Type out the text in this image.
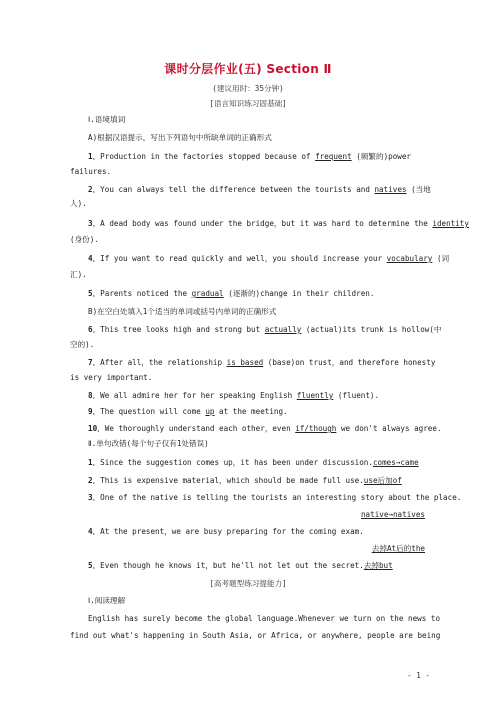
课时分层作业(五) Section Ⅱ
(建议用时：35分钟)
[语言知识练习固基础]
Ⅰ.语境填词
A)根据汉语提示，写出下列语句中所缺单词的正确形式
1．Production in the factories stopped because of frequent (频繁的)power
failures.
2．You can always tell the difference between the tourists and natives (当地
人).
3．A dead body was found under the bridge，but it was hard to determine the identity
(身份).
4．If you want to read quickly and well，you should increase your vocabulary (词
汇).
5．Parents noticed the gradual (逐渐的)change in their children.
B)在空白处填入1个适当的单词或括号内单词的正确形式
6．This tree looks high and strong but actually (actual)its trunk is hollow(中
空的).
7．After all，the relationship is based (base)on trust，and therefore honesty
is very important.
8．We all admire her for her speaking English fluently (fluent).
9．The question will come up at the meeting.
10．We thoroughly understand each other，even if/though we don't always agree.
Ⅱ.单句改错(每个句子仅有1处错误)
1．Since the suggestion comes up，it has been under discussion.comes→came
2．This is expensive material，which should be made full use.use后加of
3．One of the native is telling the tourists an interesting story about the place.
native→natives
4．At the present，we are busy preparing for the coming exam.
去掉At后的the
5．Even though he knows it，but he'll not let out the secret.去掉but
[高考题型练习提能力]
Ⅰ.阅读理解
English has surely become the global language.Whenever we turn on the news to
find out what's happening in South Asia, or Africa, or anywhere, people are being
- 1 -
